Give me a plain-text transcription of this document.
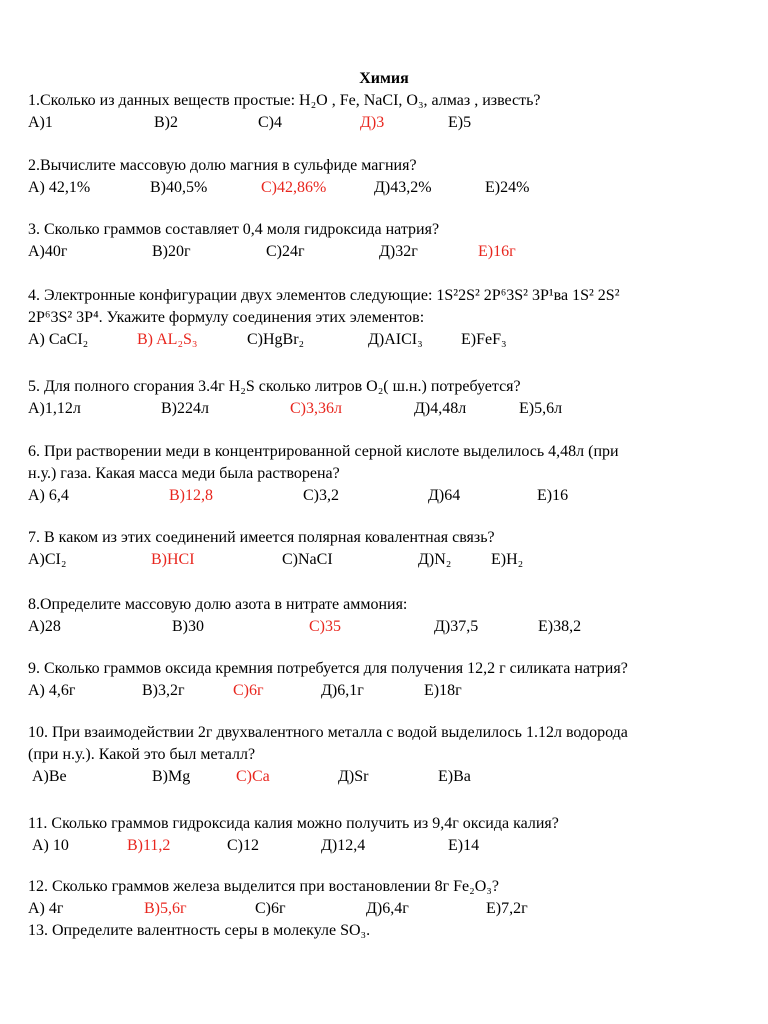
Химия
1.Сколько из данных веществ простые: H₂O , Fe, NaCI, O₃, алмаз , известь?
A)1	B)2	C)4	Д)3	E)5
2.Вычислите массовую долю магния в сульфиде магния?
А) 42,1%	B)40,5%	C)42,86%	Д)43,2%	E)24%
3. Сколько граммов составляет 0,4 моля гидроксида натрия?
A)40г	B)20г	C)24г	Д)32г	E)16г
4. Электронные конфигурации двух элементов следующие: 1S²2S² 2P⁶3S² 3P¹ва 1S² 2S²
2P⁶3S² 3P⁴. Укажите формулу соединения этих элементов:
A) CaCI₂	B) AL₂S₃	C)HgBr₂	Д)AICI₃ E)FeF₃
5. Для полного сгорания 3.4г H₂S сколько литров O₂( ш.н.) потребуется?
A)1,12л	B)224л	C)3,36л	Д)4,48л	E)5,6л
6. При растворении меди в концентрированной серной кислоте выделилось 4,48л (при
н.у.) газа. Какая масса меди была растворена?
А) 6,4	B)12,8	C)3,2	Д)64	E)16
7. В каком из этих соединений имеется полярная ковалентная связь?
A)CI₂	B)HCI	C)NaCI	Д)N₂ E)H₂
8.Определите массовую долю азота в нитрате аммония:
A)28	B)30	C)35	Д)37,5	E)38,2
9. Сколько граммов оксида кремния потребуется для получения 12,2 г силиката натрия?
А) 4,6г	B)3,2г	C)6г	Д)6,1г	E)18г
10. При взаимодействии 2г двухвалентного металла с водой выделилось 1.12л водорода
(при н.у.). Какой это был металл?
A)Be	B)Mg	C)Ca	Д)Sr	E)Ba
11. Сколько граммов гидроксида калия можно получить из 9,4г оксида калия?
А) 10	B)11,2	C)12	Д)12,4	E)14
12. Сколько граммов железа выделится при востановлении 8г Fe₂O₃?
А) 4г	B)5,6г	C)6г	Д)6,4г	E)7,2г
13. Определите валентность серы в молекуле SO₃.
